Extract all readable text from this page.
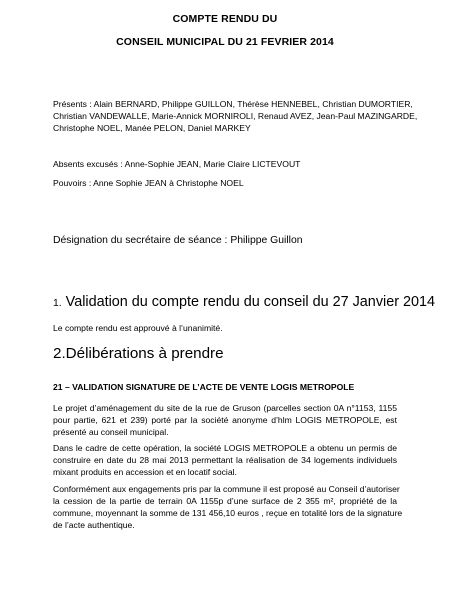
COMPTE RENDU DU
CONSEIL MUNICIPAL DU 21 FEVRIER 2014
Présents : Alain BERNARD, Philippe GUILLON, Thérèse HENNEBEL, Christian DUMORTIER,
Christian VANDEWALLE, Marie-Annick MORNIROLI, Renaud AVEZ, Jean-Paul MAZINGARDE,
Christophe NOEL, Manée PELON, Daniel MARKEY
Absents excusés : Anne-Sophie JEAN, Marie Claire LICTEVOUT
Pouvoirs : Anne Sophie JEAN à Christophe NOEL
Désignation du secrétaire de séance : Philippe Guillon
1. Validation du compte rendu du conseil du 27 Janvier 2014
Le compte rendu est approuvé à l’unanimité.
2.Délibérations à prendre
21 – VALIDATION SIGNATURE DE L’ACTE DE VENTE LOGIS METROPOLE
Le projet d’aménagement du site de la rue de Gruson (parcelles section 0A n°1153, 1155
pour partie, 621 et 239) porté par la société anonyme d’hlm LOGIS METROPOLE, est
présenté au conseil municipal.
Dans le cadre de cette opération, la société LOGIS METROPOLE a obtenu un permis de
construire en date du 28 mai 2013 permettant la réalisation de 34 logements individuels
mixant produits en accession et en locatif social.
Conformément aux engagements pris par la commune il est proposé au Conseil d’autoriser
la cession de la partie de terrain 0A 1155p d’une surface de 2 355 m², propriété de la
commune, moyennant la somme de 131 456,10 euros , reçue en totalité lors de la signature
de l’acte authentique.
